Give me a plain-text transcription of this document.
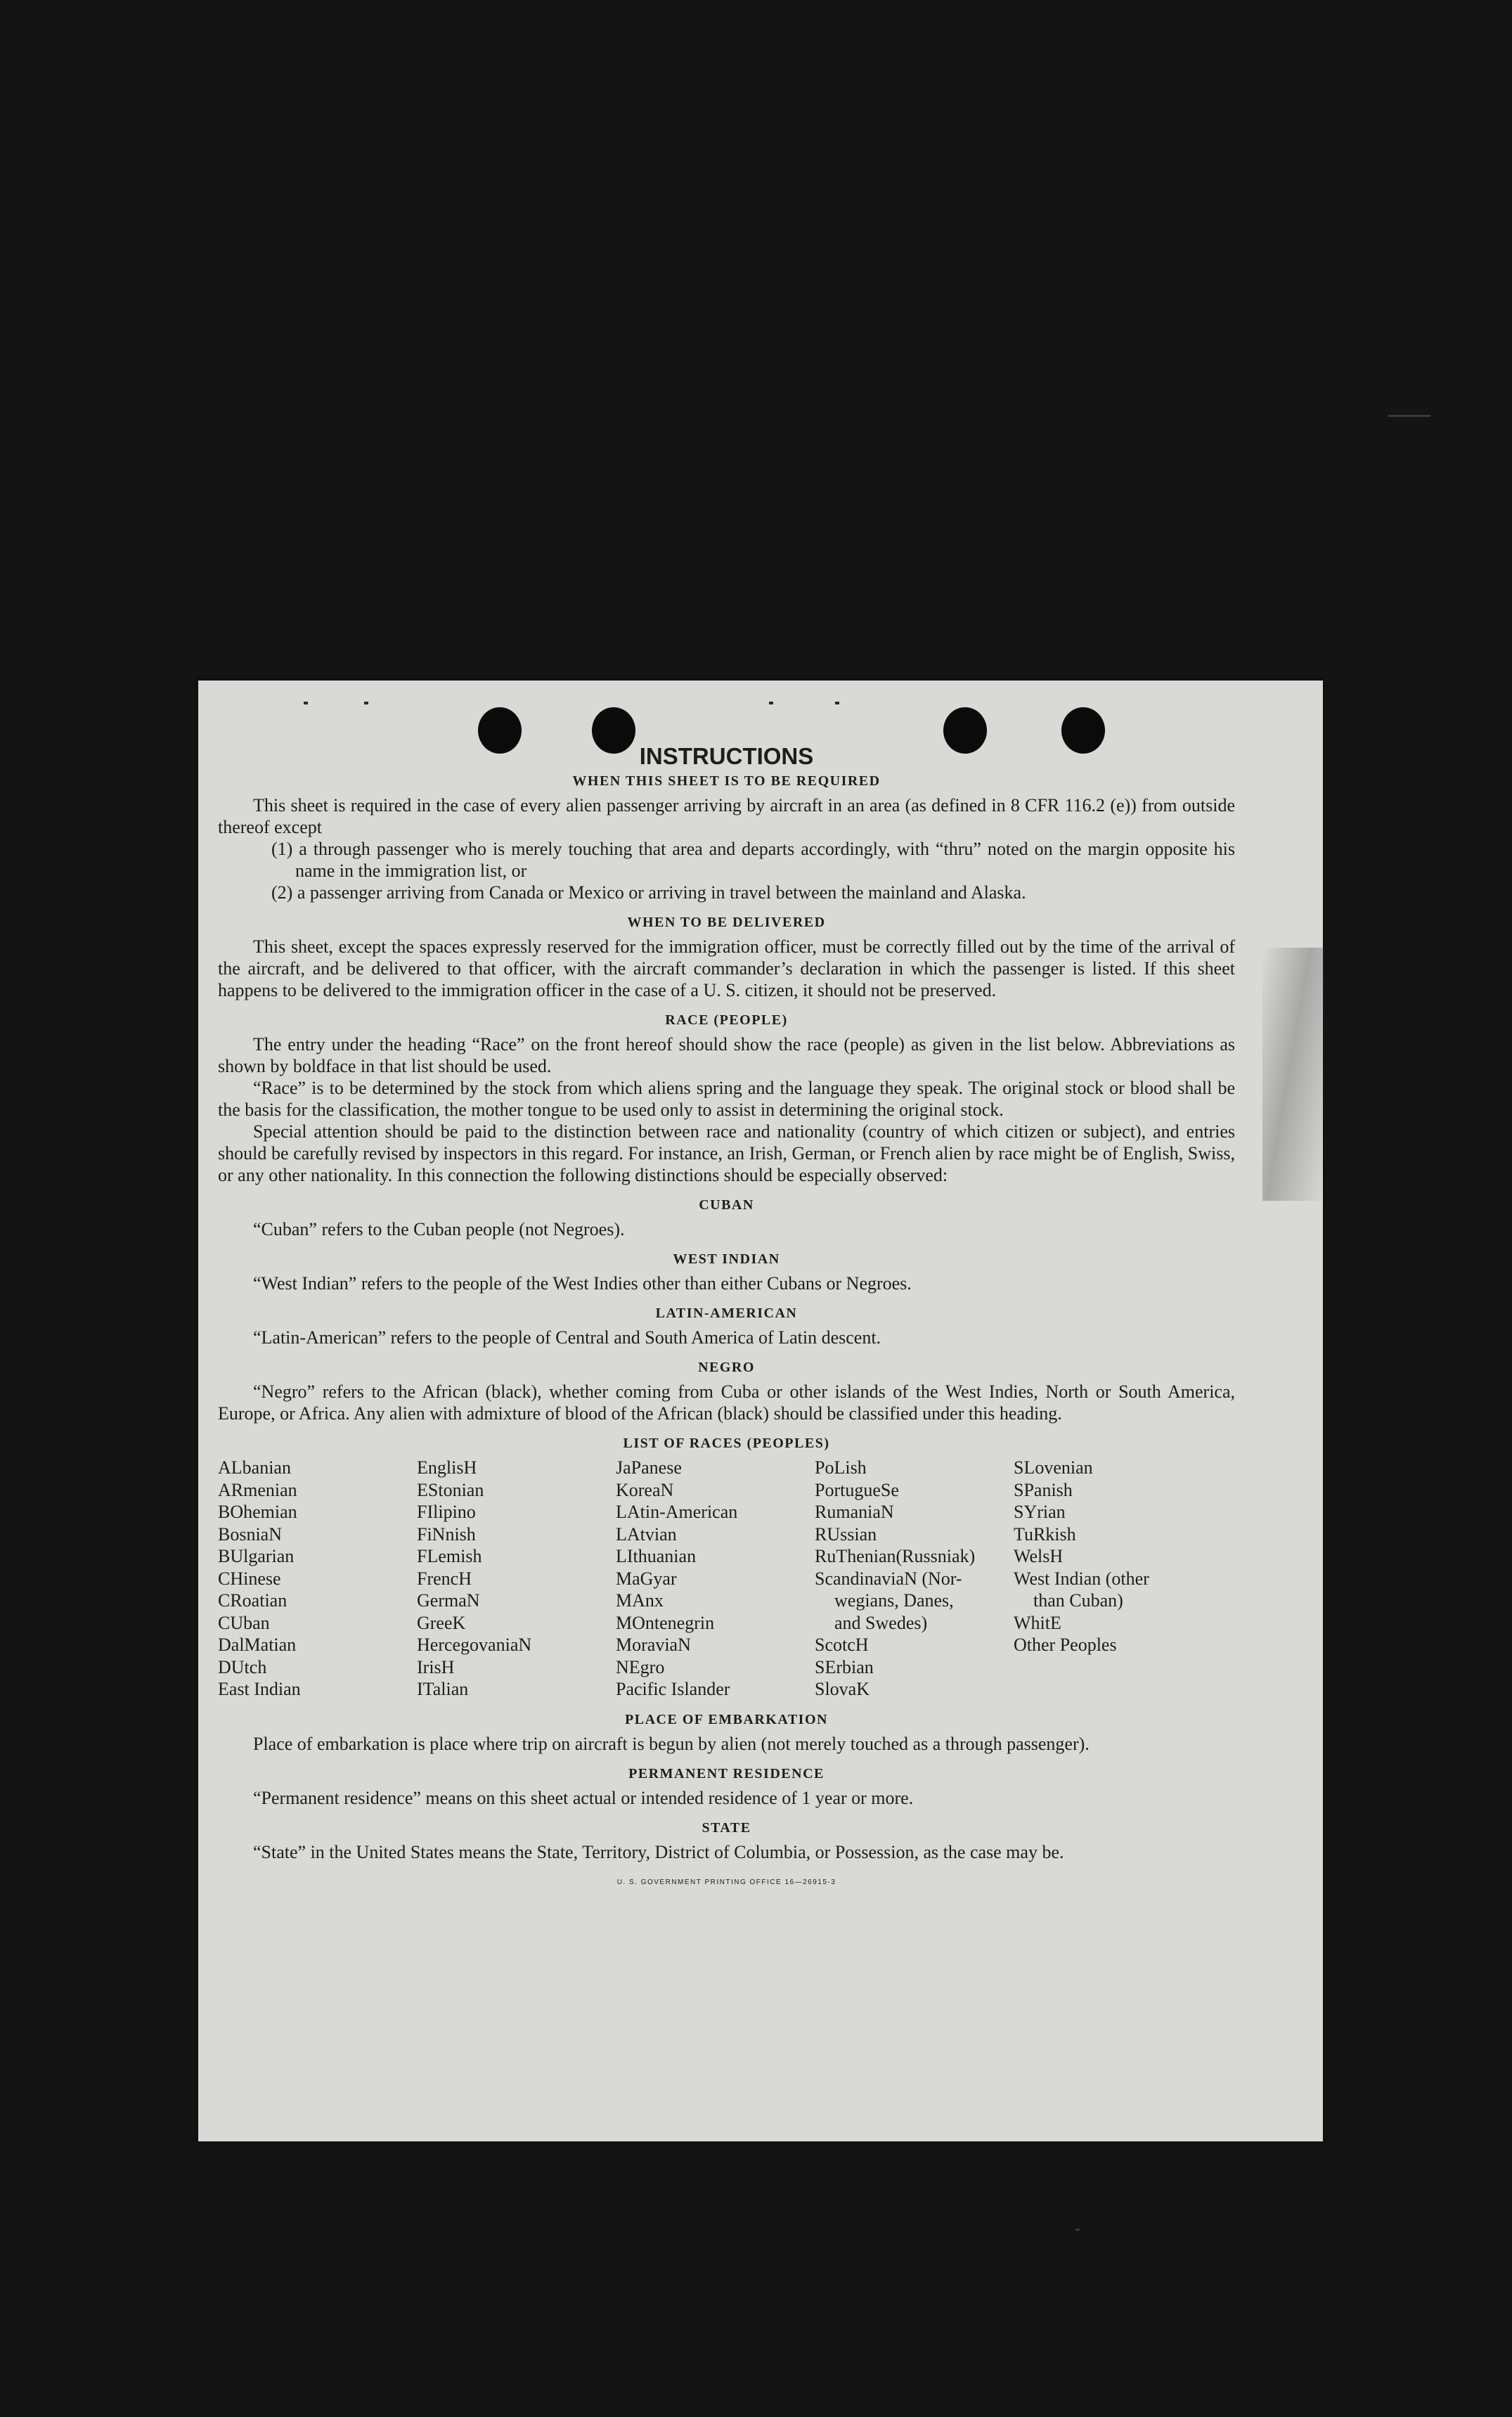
INSTRUCTIONS
WHEN THIS SHEET IS TO BE REQUIRED

This sheet is required in the case of every alien passenger arriving by aircraft in an area (as defined in 8 CFR 116.2 (e)) from outside thereof except

(1) a through passenger who is merely touching that area and departs accordingly, with “thru” noted on the margin opposite his name in the immigration list, or

(2) a passenger arriving from Canada or Mexico or arriving in travel between the mainland and Alaska.

WHEN TO BE DELIVERED

This sheet, except the spaces expressly reserved for the immigration officer, must be correctly filled out by the time of the arrival of the aircraft, and be delivered to that officer, with the aircraft commander’s declaration in which the passenger is listed. If this sheet happens to be delivered to the immigration officer in the case of a U. S. citizen, it should not be preserved.

RACE (PEOPLE)

The entry under the heading “Race” on the front hereof should show the race (people) as given in the list below. Abbreviations as shown by boldface in that list should be used.

“Race” is to be determined by the stock from which aliens spring and the language they speak. The original stock or blood shall be the basis for the classification, the mother tongue to be used only to assist in determining the original stock.

Special attention should be paid to the distinction between race and nationality (country of which citizen or subject), and entries should be carefully revised by inspectors in this regard. For instance, an Irish, German, or French alien by race might be of English, Swiss, or any other nationality. In this connection the following distinctions should be especially observed:

CUBAN

“Cuban” refers to the Cuban people (not Negroes).

WEST INDIAN

“West Indian” refers to the people of the West Indies other than either Cubans or Negroes.

LATIN-AMERICAN

“Latin-American” refers to the people of Central and South America of Latin descent.

NEGRO

“Negro” refers to the African (black), whether coming from Cuba or other islands of the West Indies, North or South America, Europe, or Africa. Any alien with admixture of blood of the African (black) should be classified under this heading.

LIST OF RACES (PEOPLES)
ALbanian
ARmenian
BOhemian
BosniaN
BUlgarian
CHinese
CRoatian
CUban
DalMatian
DUtch
East Indian
EnglisH
EStonian
FIlipino
FiNnish
FLemish
FrencH
GermaN
GreeK
HercegovaniaN
IrisH
ITalian
JaPanese
KoreaN
LAtin-American
LAtvian
LIthuanian
MaGyar
MAnx
MOntenegrin
MoraviaN
NEgro
Pacific Islander
PoLish
PortugueSe
RumaniaN
RUssian
RuThenian(Russniak)
ScandinaviaN (Nor-
wegians, Danes,
and Swedes)
ScotcH
SErbian
SlovaK
SLovenian
SPanish
SYrian
TuRkish
WelsH
West Indian (other
than Cuban)
WhitE
Other Peoples
PLACE OF EMBARKATION

Place of embarkation is place where trip on aircraft is begun by alien (not merely touched as a through passenger).

PERMANENT RESIDENCE

“Permanent residence” means on this sheet actual or intended residence of 1 year or more.

STATE

“State” in the United States means the State, Territory, District of Columbia, or Possession, as the case may be.

U. S. GOVERNMENT PRINTING OFFICE 16—26915-3
